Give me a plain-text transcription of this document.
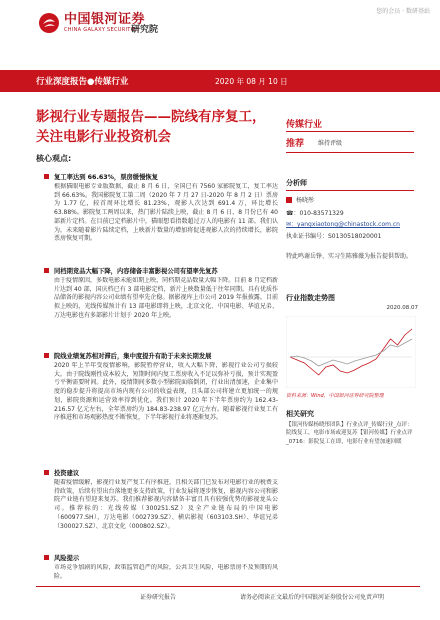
中国银河证券
CHINA GALAXY SECURITIES
研究院
您的会员 · 数研基站
行业深度报告●传媒行业	2020 年 08 月 10 日
影视行业专题报告——院线有序复工，关注电影行业投资机会
核心观点:
复工率达到 66.63%，票房缓慢恢复
根据猫眼电影专业版数据，截止 8 月 6 日，全国已有 7560 家影院复工，复工率达到 66.63%。我国影院复工第二周（2020 年 7 月 27 日-2020 年 8 月 2 日）票房为 1.77 亿，较首周环比增长 81.23%，观影人次达到 691.4 万，环比增长 63.88%。影院复工两周以来，热门影片陆续上映，截止 8 月 6 日，8 月份已有 40 部新片定档。在目前已定档影片中，猫眼想看指数超过万人的电影有 11 部。我们认为，未来随着影片陆续定档，上映新片数量的增加将促进观影人次的持续增长，影院票房恢复可期。
同档期竞品大幅下降，内容储备丰富影视公司有望率先复苏
由于疫情原因，多数电影未能如期上映，同档期竞品数量大幅下降。目前 8 月定档新片达到 40 部，国庆档已有 3 部电影定档，新片上映数量低于往年同期。具有优质作品储备的影视内容公司业绩有望率先企稳。据影视库上市公司 2019 年报披露，目前拟上映的，光线传媒预计有 13 部电影即将上映，北京文化、中国电影、华谊兄弟、万达电影也有多部影片计划于 2020 年上映。
院线业绩复苏相对滞后，集中度提升有助于未来长期发展
2020 年上半年受疫情影响，影院暂停营业，收入大幅下降，影视行业公司亏损较大。由于院线刚性成本较大，短期时间内复工票房收入不足以弥补亏损，预计实现盈亏平衡需要时间。此外，疫情期间多数小型影院面临倒闭，行业出清加速，企业集中度的稳步提升将提高市场内现有公司的收益表现，且头部公司将建立更加统一的规划，影院资源和运营效率得到优化。我们预计 2020 年下半年票房约为 162.43-216.57 亿元左右，全年票房约为 184.83-238.97 亿元左右。随着影视行业复工有序推进和市场观影热度不断恢复，下半年影视行业将逐渐复苏。
投资建议
随着疫情缓解，影视行业复产复工有序推进，且相关部门已发布对电影行业的税费支持政策，后续有望出台落地更多支持政策，行业发展将逐步恢复，影视内容公司和影院产业链有望迎来复苏。我们推荐影视内容储备丰富且具有较强优势的影视龙头公司。推荐标的：光线传媒（300251.SZ）及全产业链布局的中国电影（600977.SH），万达电影（002739.SZ）、横店影视（603103.SH）、华谊兄弟（300027.SZ）、北京文化（000802.SZ）。
风险提示
市场竞争加剧的风险，政策监管趋严的风险，公共卫生风险，电影票房不及预期的风险。
传媒行业
推荐 维持评级
分析师
杨晓彤
☎：010-83571329
✉：yangxiaotong@chinastock.com.cn
执业证书编号：S0130518020001
特此鸣谢岳铮、实习生陈雅薇为报告提供帮助。
行业指数走势图
2020.08.07
资料来源：Wind，中国银河证券研究院整理
相关研究
【银河传媒杨晓彤团队】行业点评_传媒行业_点评：院线复工，电影市场或迎复苏【银河传媒】行业点评_0716：影院复工在即，电影行业有望加速回暖
证券研究报告	请务必阅读正文最后的中国银河证券股份公司免责声明
